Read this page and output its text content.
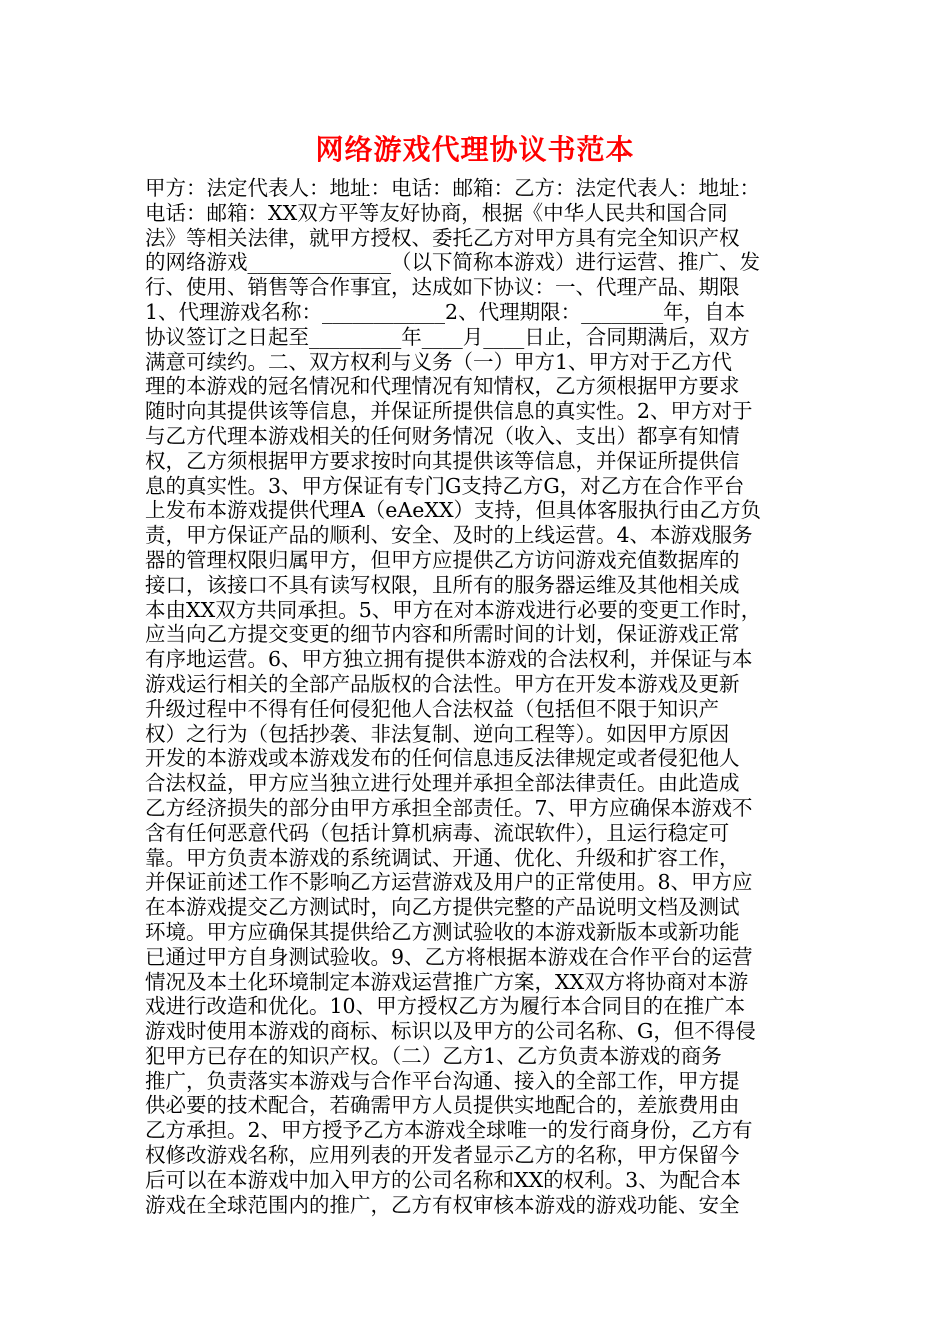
网络游戏代理协议书范本
甲方：法定代表人：地址：电话：邮箱：乙方：法定代表人：地址：
电话：邮箱：XX双方平等友好协商，根据《中华人民共和国合同
法》等相关法律，就甲方授权、委托乙方对甲方具有完全知识产权
的网络游戏______________（以下简称本游戏）进行运营、推广、发
行、使用、销售等合作事宜，达成如下协议：一、代理产品、期限
1、代理游戏名称：____________2、代理期限：________年，自本
协议签订之日起至_________年____月____日止，合同期满后，双方
满意可续约。二、双方权利与义务（一）甲方1、甲方对于乙方代
理的本游戏的冠名情况和代理情况有知情权，乙方须根据甲方要求
随时向其提供该等信息，并保证所提供信息的真实性。2、甲方对于
与乙方代理本游戏相关的任何财务情况（收入、支出）都享有知情
权，乙方须根据甲方要求按时向其提供该等信息，并保证所提供信
息的真实性。3、甲方保证有专门G支持乙方G，对乙方在合作平台
上发布本游戏提供代理A（eAeXX）支持，但具体客服执行由乙方负
责，甲方保证产品的顺利、安全、及时的上线运营。4、本游戏服务
器的管理权限归属甲方，但甲方应提供乙方访问游戏充值数据库的
接口，该接口不具有读写权限，且所有的服务器运维及其他相关成
本由XX双方共同承担。5、甲方在对本游戏进行必要的变更工作时，
应当向乙方提交变更的细节内容和所需时间的计划，保证游戏正常
有序地运营。6、甲方独立拥有提供本游戏的合法权利，并保证与本
游戏运行相关的全部产品版权的合法性。甲方在开发本游戏及更新
升级过程中不得有任何侵犯他人合法权益（包括但不限于知识产
权）之行为（包括抄袭、非法复制、逆向工程等）。如因甲方原因
开发的本游戏或本游戏发布的任何信息违反法律规定或者侵犯他人
合法权益，甲方应当独立进行处理并承担全部法律责任。由此造成
乙方经济损失的部分由甲方承担全部责任。7、甲方应确保本游戏不
含有任何恶意代码（包括计算机病毒、流氓软件），且运行稳定可
靠。甲方负责本游戏的系统调试、开通、优化、升级和扩容工作，
并保证前述工作不影响乙方运营游戏及用户的正常使用。8、甲方应
在本游戏提交乙方测试时，向乙方提供完整的产品说明文档及测试
环境。甲方应确保其提供给乙方测试验收的本游戏新版本或新功能
已通过甲方自身测试验收。9、乙方将根据本游戏在合作平台的运营
情况及本土化环境制定本游戏运营推广方案，XX双方将协商对本游
戏进行改造和优化。10、甲方授权乙方为履行本合同目的在推广本
游戏时使用本游戏的商标、标识以及甲方的公司名称、G，但不得侵
犯甲方已存在的知识产权。（二）乙方1、乙方负责本游戏的商务
推广，负责落实本游戏与合作平台沟通、接入的全部工作，甲方提
供必要的技术配合，若确需甲方人员提供实地配合的，差旅费用由
乙方承担。2、甲方授予乙方本游戏全球唯一的发行商身份，乙方有
权修改游戏名称，应用列表的开发者显示乙方的名称，甲方保留今
后可以在本游戏中加入甲方的公司名称和XX的权利。3、为配合本
游戏在全球范围内的推广，乙方有权审核本游戏的游戏功能、安全
